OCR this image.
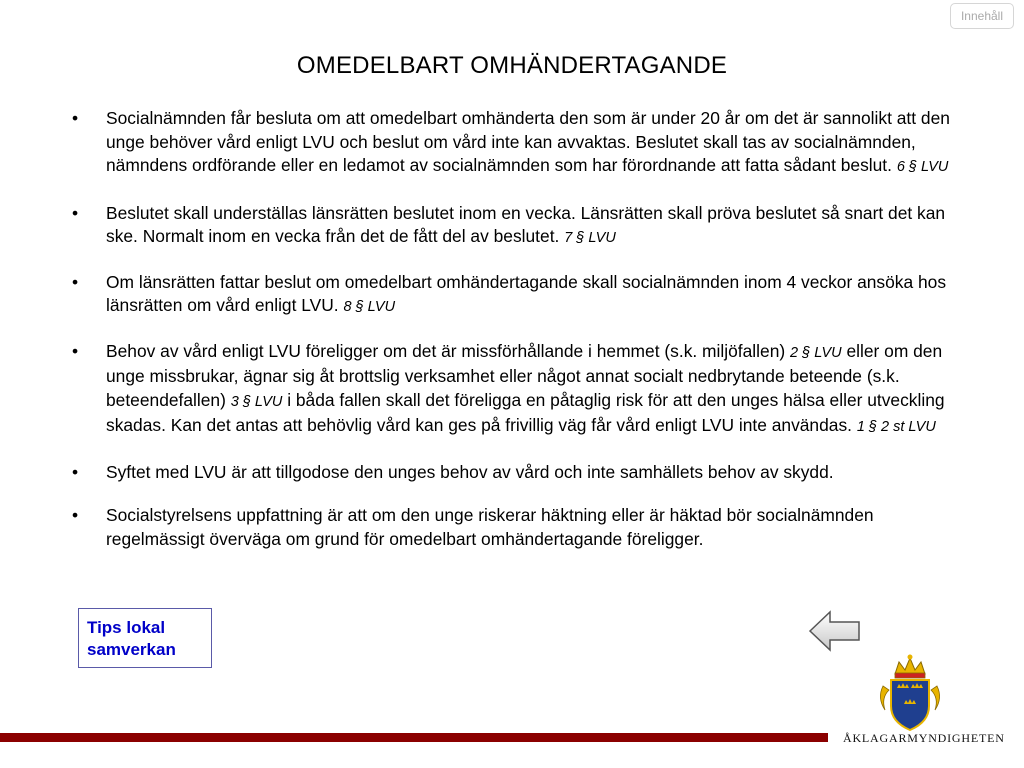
Innehåll
OMEDELBART OMHÄNDERTAGANDE
• Socialnämnden får besluta om att omedelbart omhänderta den som är under 20 år om det är sannolikt att den unge behöver vård enligt LVU och beslut om vård inte kan avvaktas. Beslutet skall tas av socialnämnden, nämndens ordförande eller en ledamot av socialnämnden som har förordnande att fatta sådant beslut. 6 § LVU
• Beslutet skall underställas länsrätten beslutet inom en vecka. Länsrätten skall pröva beslutet så snart det kan ske. Normalt inom en vecka från det de fått del av beslutet. 7 § LVU
• Om länsrätten fattar beslut om omedelbart omhändertagande skall socialnämnden inom 4 veckor ansöka hos länsrätten om vård enligt LVU. 8 § LVU
• Behov av vård enligt LVU föreligger om det är missförhållande i hemmet (s.k. miljöfallen) 2 § LVU eller om den unge missbrukar, ägnar sig åt brottslig verksamhet eller något annat socialt nedbrytande beteende (s.k. beteendefallen) 3 § LVU i båda fallen skall det föreligga en påtaglig risk för att den unges hälsa eller utveckling skadas. Kan det antas att behövlig vård kan ges på frivillig väg får vård enligt LVU inte användas. 1 § 2 st LVU
• Syftet med LVU är att tillgodose den unges behov av vård och inte samhällets behov av skydd.
• Socialstyrelsens uppfattning är att om den unge riskerar häktning eller är häktad bör socialnämnden regelmässigt överväga om grund för omedelbart omhändertagande föreligger.
Tips lokal
samverkan
ÅKLAGARMYNDIGHETEN
